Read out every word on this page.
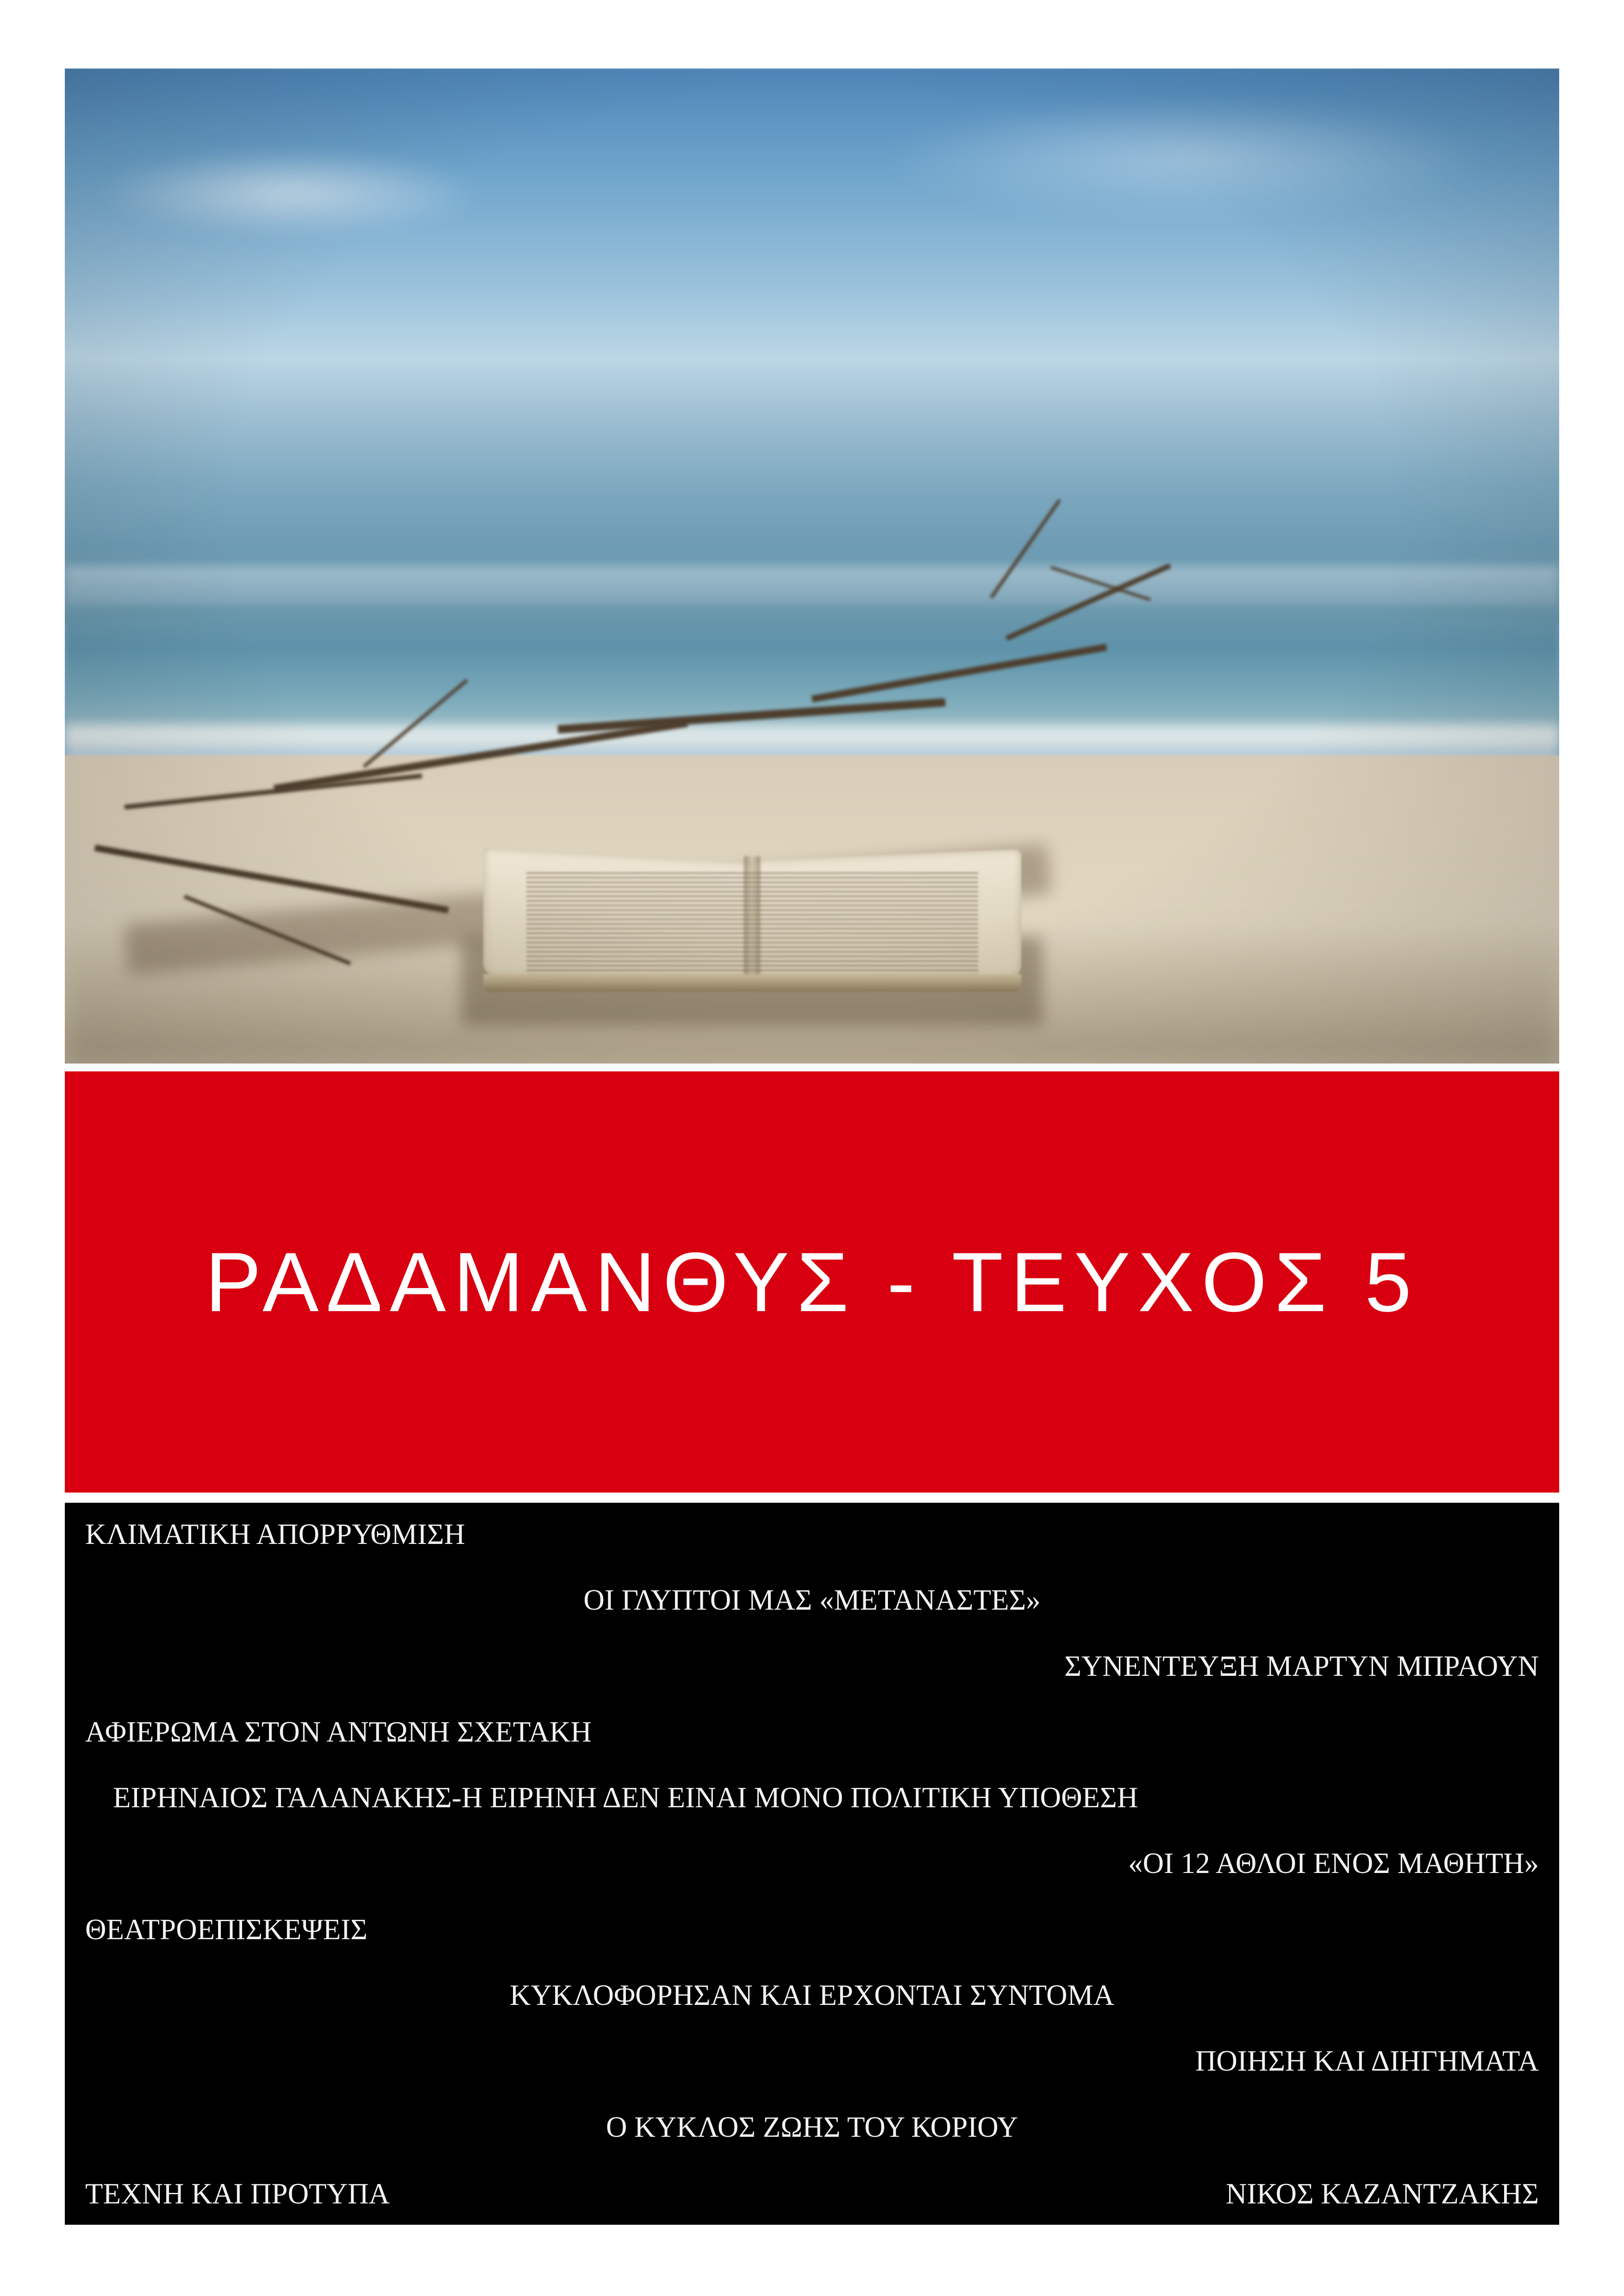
ΡΑΔΑΜΑΝΘΥΣ - ΤΕΥΧΟΣ 5
ΚΛΙΜΑΤΙΚΗ ΑΠΟΡΡΥΘΜΙΣΗ
ΟΙ ΓΛΥΠΤΟΙ ΜΑΣ «ΜΕΤΑΝΑΣΤΕΣ»
ΣΥΝΕΝΤΕΥΞΗ ΜΑΡΤΥΝ ΜΠΡΑΟΥΝ
ΑΦΙΕΡΩΜΑ ΣΤΟΝ ΑΝΤΩΝΗ ΣΧΕΤΑΚΗ
ΕΙΡΗΝΑΙΟΣ ΓΑΛΑΝΑΚΗΣ-Η ΕΙΡΗΝΗ ΔΕΝ ΕΙΝΑΙ ΜΟΝΟ ΠΟΛΙΤΙΚΗ ΥΠΟΘΕΣΗ
«ΟΙ 12 ΑΘΛΟΙ ΕΝΟΣ ΜΑΘΗΤΗ»
ΘΕΑΤΡΟΕΠΙΣΚΕΨΕΙΣ
ΚΥΚΛΟΦΟΡΗΣΑΝ ΚΑΙ ΕΡΧΟΝΤΑΙ ΣΥΝΤΟΜΑ
ΠΟΙΗΣΗ ΚΑΙ ΔΙΗΓΗΜΑΤΑ
Ο ΚΥΚΛΟΣ ΖΩΗΣ ΤΟΥ ΚΟΡΙΟΥ
ΤΕΧΝΗ ΚΑΙ ΠΡΟΤΥΠΑ	ΝΙΚΟΣ ΚΑΖΑΝΤΖΑΚΗΣ
